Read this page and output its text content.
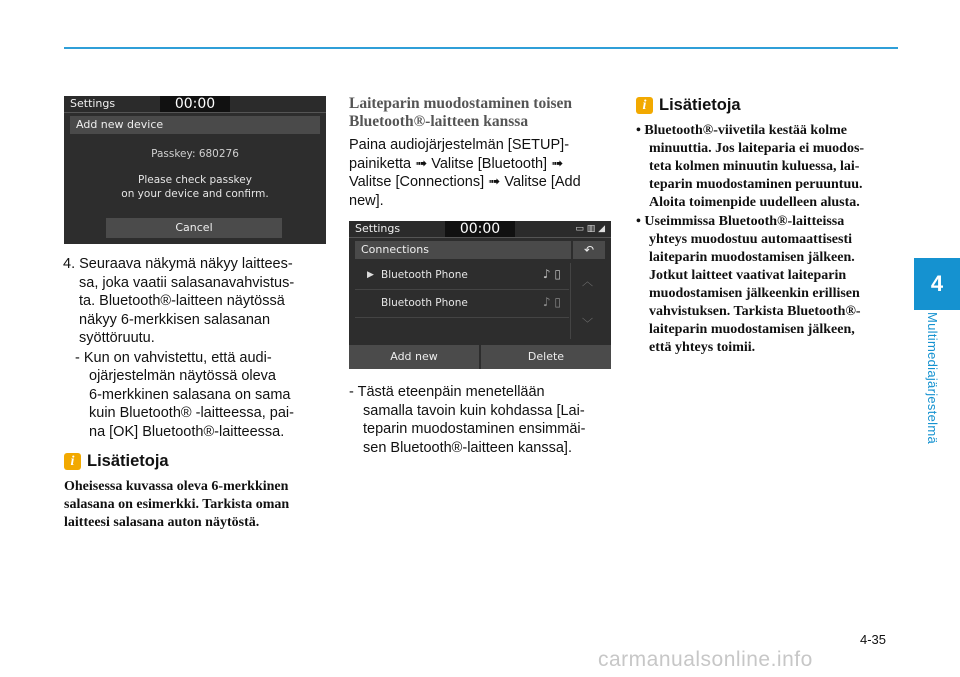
Settings	00:00
Add new device
Passkey: 680276
Please check passkey
on your device and confirm.
Cancel
4. Seuraava näkymä näkyy laittees-
sa, joka vaatii salasanavahvistus-
ta. Bluetooth®-laitteen näytössä
näkyy 6-merkkisen salasanan
syöttöruutu.
- Kun on vahvistettu, että audi-
ojärjestelmän näytössä oleva
6-merkkinen salasana on sama
kuin Bluetooth® -laitteessa, pai-
na [OK] Bluetooth®-laitteessa.
i Lisätietoja
Oheisessa kuvassa oleva 6-merkkinen
salasana on esimerkki. Tarkista oman
laitteesi salasana auton näytöstä.
Laiteparin muodostaminen toisen
Bluetooth®-laitteen kanssa
Paina audiojärjestelmän [SETUP]-
painiketta ➟ Valitse [Bluetooth] ➟
Valitse [Connections] ➟ Valitse [Add
new].
Settings	00:00	▭ ▥ ◢
Connections	↶
▶ Bluetooth Phone	♪ ▯
Bluetooth Phone	♪ ▯
︿
﹀
Add new	Delete
- Tästä eteenpäin menetellään
samalla tavoin kuin kohdassa [Lai-
teparin muodostaminen ensimmäi-
sen Bluetooth®-laitteen kanssa].
i Lisätietoja
• Bluetooth®-viivetila kestää kolme
minuuttia. Jos laiteparia ei muodos-
teta kolmen minuutin kuluessa, lai-
teparin muodostaminen peruuntuu.
Aloita toimenpide uudelleen alusta.
• Useimmissa Bluetooth®-laitteissa
yhteys muodostuu automaattisesti
laiteparin muodostamisen jälkeen.
Jotkut laitteet vaativat laiteparin
muodostamisen jälkeenkin erillisen
vahvistuksen. Tarkista Bluetooth®-
laiteparin muodostamisen jälkeen,
että yhteys toimii.
4
Multimediajärjestelmä
4-35
carmanualsonline.info
